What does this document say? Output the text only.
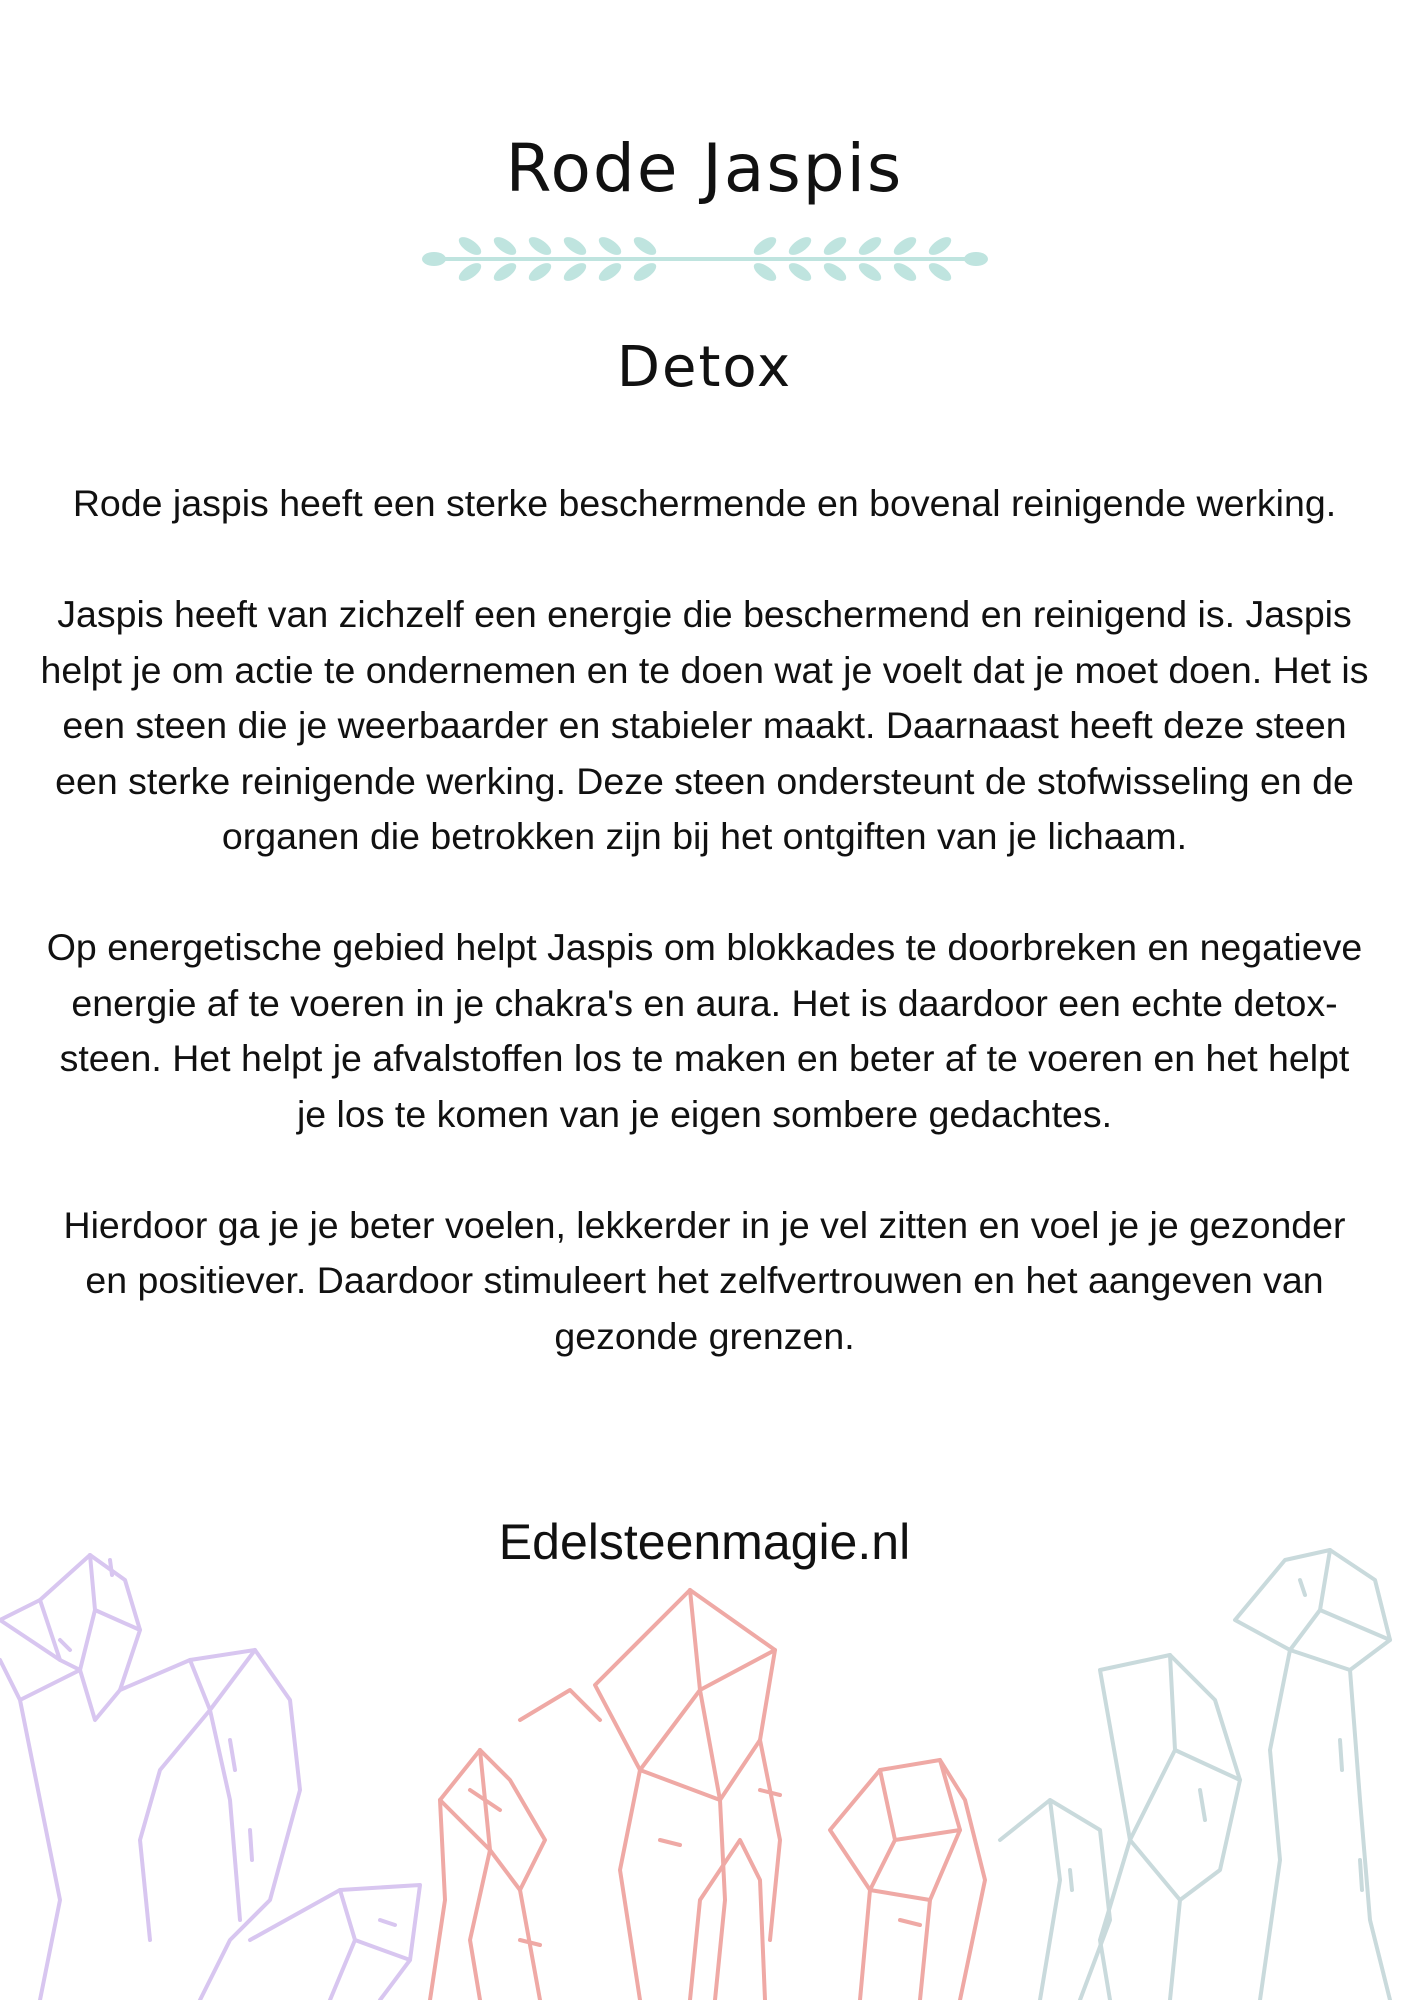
Rode Jaspis
Detox

Rode jaspis heeft een sterke beschermende en bovenal reinigende werking.

Jaspis heeft van zichzelf een energie die beschermend en reinigend is. Jaspis helpt je om actie te ondernemen en te doen wat je voelt dat je moet doen. Het is een steen die je weerbaarder en stabieler maakt. Daarnaast heeft deze steen een sterke reinigende werking. Deze steen ondersteunt de stofwisseling en de organen die betrokken zijn bij het ontgiften van je lichaam.

Op energetische gebied helpt Jaspis om blokkades te doorbreken en negatieve energie af te voeren in je chakra's en aura. Het is daardoor een echte detox-steen. Het helpt je afvalstoffen los te maken en beter af te voeren en het helpt je los te komen van je eigen sombere gedachtes.

Hierdoor ga je je beter voelen, lekkerder in je vel zitten en voel je je gezonder en positiever. Daardoor stimuleert het zelfvertrouwen en het aangeven van gezonde grenzen.

Edelsteenmagie.nl
